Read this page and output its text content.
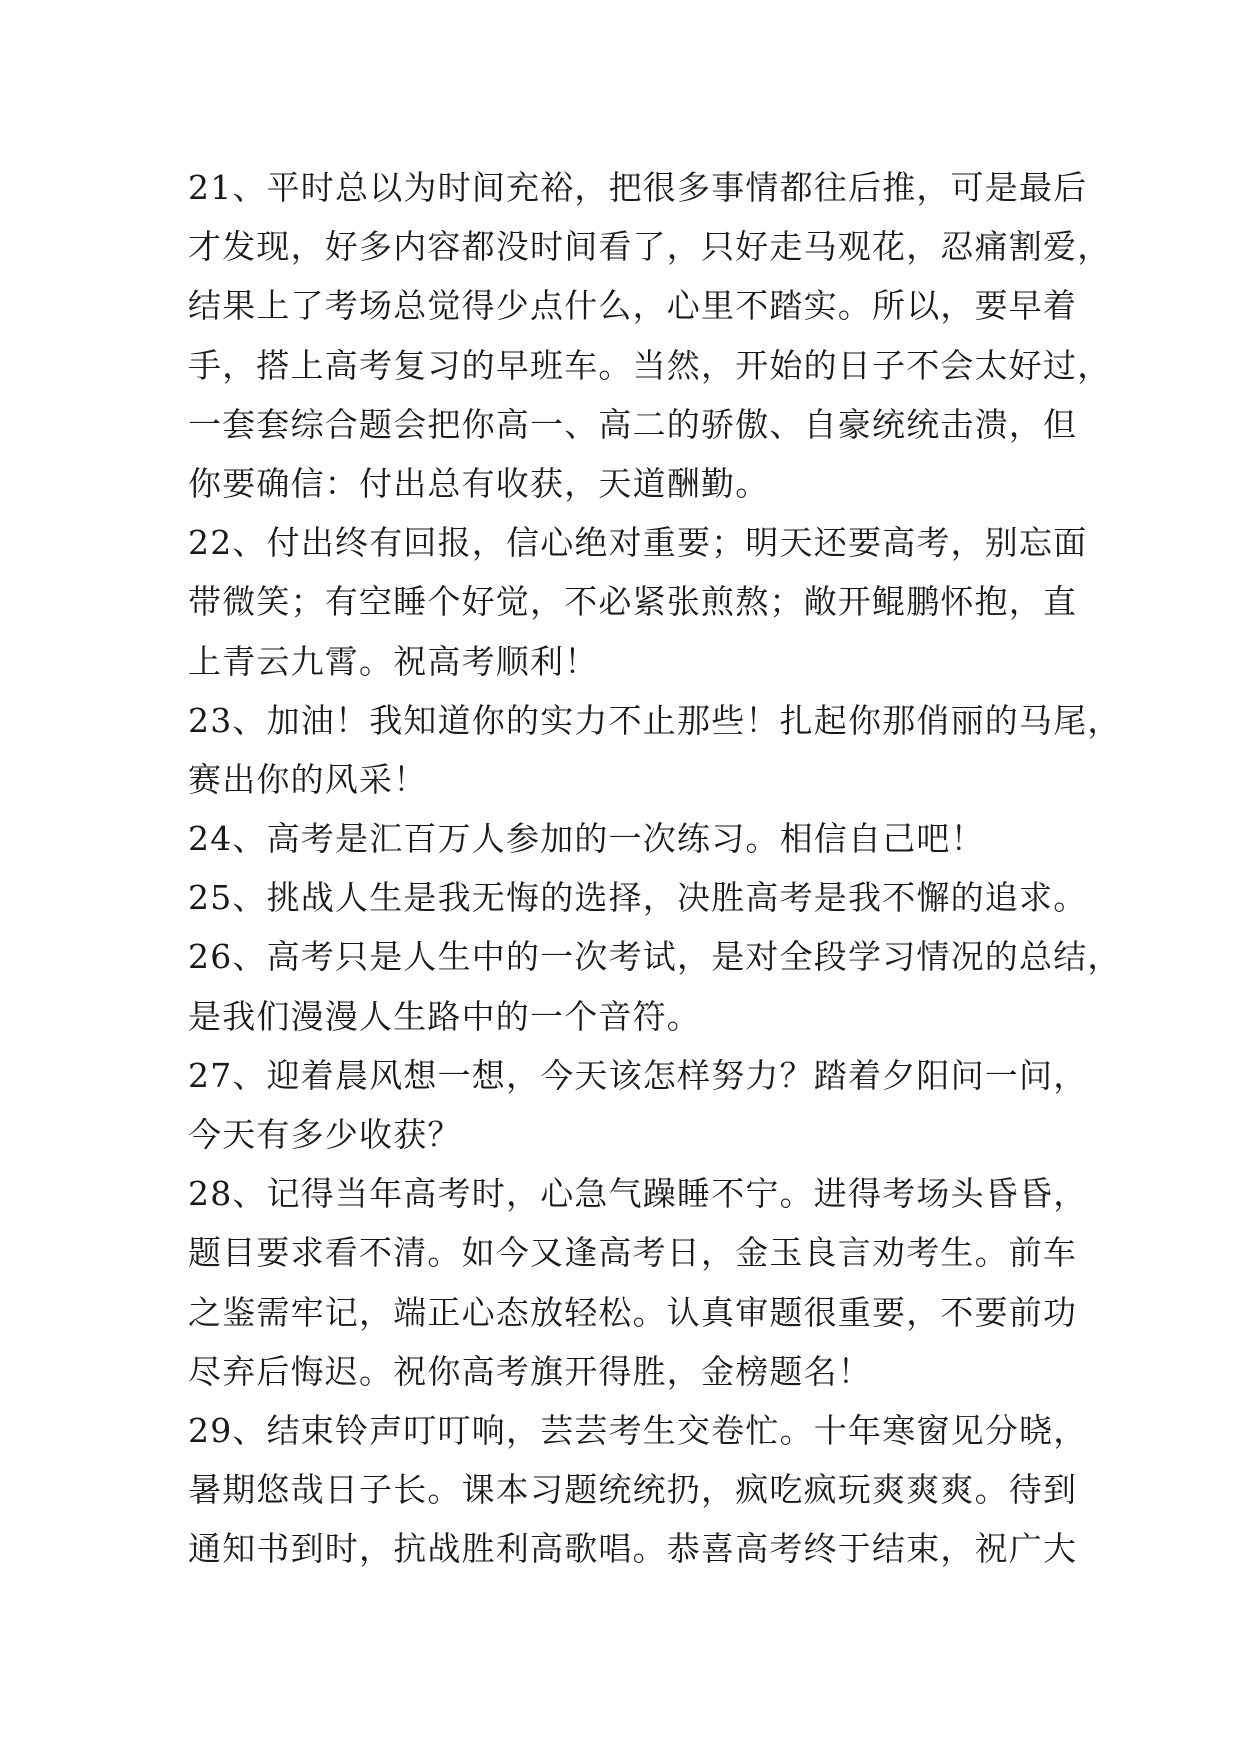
21、平时总以为时间充裕，把很多事情都往后推，可是最后
才发现，好多内容都没时间看了，只好走马观花，忍痛割爱，
结果上了考场总觉得少点什么，心里不踏实。所以，要早着
手，搭上高考复习的早班车。当然，开始的日子不会太好过，
一套套综合题会把你高一、高二的骄傲、自豪统统击溃，但
你要确信：付出总有收获，天道酬勤。
22、付出终有回报，信心绝对重要；明天还要高考，别忘面
带微笑；有空睡个好觉，不必紧张煎熬；敞开鲲鹏怀抱，直
上青云九霄。祝高考顺利！
23、加油！我知道你的实力不止那些！扎起你那俏丽的马尾，
赛出你的风采！
24、高考是汇百万人参加的一次练习。相信自己吧！
25、挑战人生是我无悔的选择，决胜高考是我不懈的追求。
26、高考只是人生中的一次考试，是对全段学习情况的总结，
是我们漫漫人生路中的一个音符。
27、迎着晨风想一想，今天该怎样努力？踏着夕阳问一问，
今天有多少收获？
28、记得当年高考时，心急气躁睡不宁。进得考场头昏昏，
题目要求看不清。如今又逢高考日，金玉良言劝考生。前车
之鉴需牢记，端正心态放轻松。认真审题很重要，不要前功
尽弃后悔迟。祝你高考旗开得胜，金榜题名！
29、结束铃声叮叮响，芸芸考生交卷忙。十年寒窗见分晓，
暑期悠哉日子长。课本习题统统扔，疯吃疯玩爽爽爽。待到
通知书到时，抗战胜利高歌唱。恭喜高考终于结束，祝广大
